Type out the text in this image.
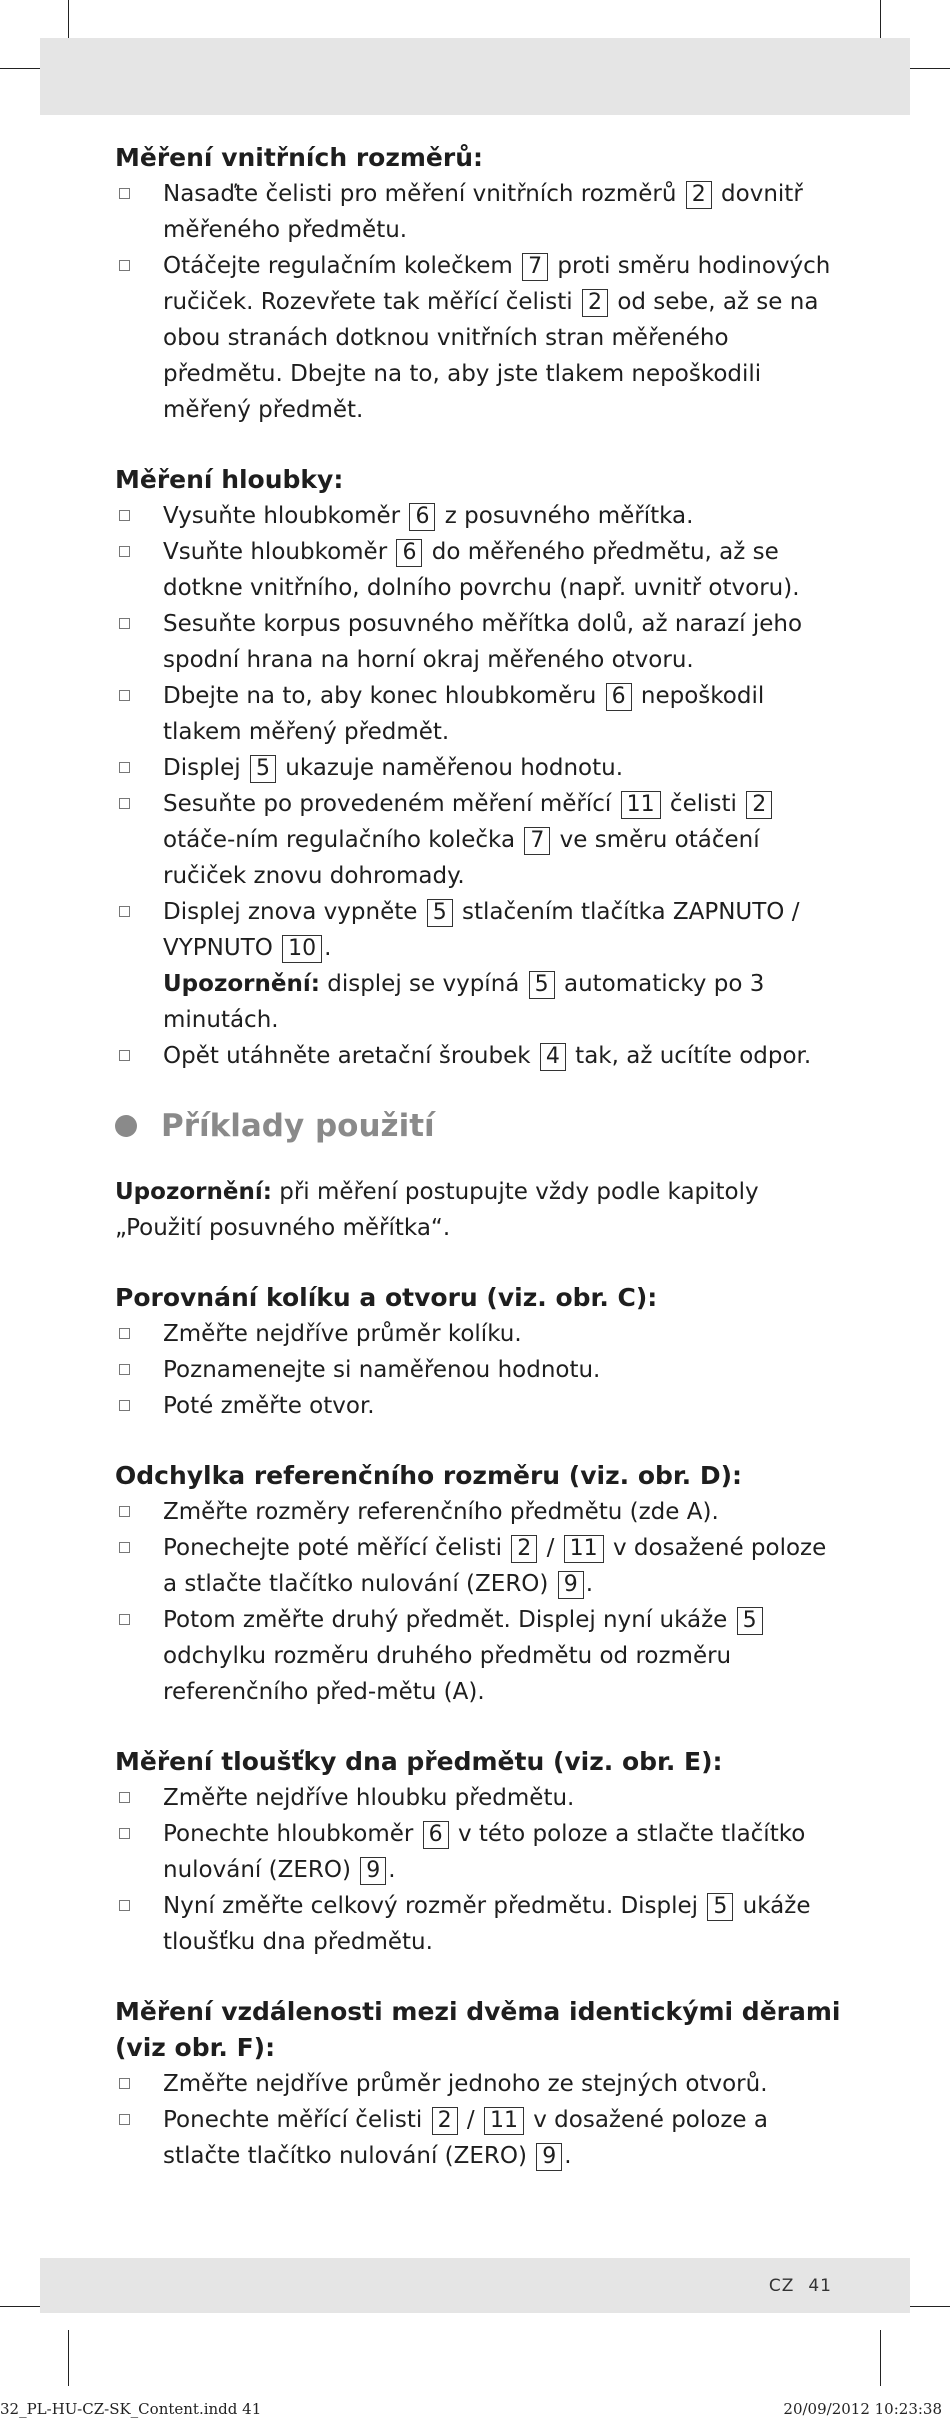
CZ 41
32_PL-HU-CZ-SK_Content.indd 41	20/09/2012 10:23:38
Měření vnitřních rozměrů:
Nasaďte čelisti pro měření vnitřních rozměrů 2 dovnitř měřeného předmětu.
Otáčejte regulačním kolečkem 7 proti směru hodinových ručiček. Rozevřete tak měřící čelisti 2 od sebe, až se na obou stranách dotknou vnitřních stran měřeného předmětu. Dbejte na to, aby jste tlakem nepoškodili měřený předmět.
Měření hloubky:
Vysuňte hloubkoměr 6 z posuvného měřítka.
Vsuňte hloubkoměr 6 do měřeného předmětu, až se dotkne vnitřního, dolního povrchu (např. uvnitř otvoru).
Sesuňte korpus posuvného měřítka dolů, až narazí jeho spodní hrana na horní okraj měřeného otvoru.
Dbejte na to, aby konec hloubkoměru 6 nepoškodil tlakem měřený předmět.
Displej 5 ukazuje naměřenou hodnotu.
Sesuňte po provedeném měření měřící 11 čelisti 2 otáče-ním regulačního kolečka 7 ve směru otáčení ručiček znovu dohromady.
Displej znova vypněte 5 stlačením tlačítka ZAPNUTO / VYPNUTO 10 .
Upozornění: displej se vypíná 5 automaticky po 3 minutách.
Opět utáhněte aretační šroubek 4 tak, až ucítíte odpor.
Příklady použití
Upozornění: při měření postupujte vždy podle kapitoly „Použití posuvného měřítka“.
Porovnání kolíku a otvoru (viz. obr. C):
Změřte nejdříve průměr kolíku.
Poznamenejte si naměřenou hodnotu.
Poté změřte otvor.
Odchylka referenčního rozměru (viz. obr. D):
Změřte rozměry referenčního předmětu (zde A).
Ponechejte poté měřící čelisti 2 / 11 v dosažené poloze a stlačte tlačítko nulování (ZERO) 9 .
Potom změřte druhý předmět. Displej nyní ukáže 5 odchylku rozměru druhého předmětu od rozměru referenčního před-mětu (A).
Měření tloušťky dna předmětu (viz. obr. E):
Změřte nejdříve hloubku předmětu.
Ponechte hloubkoměr 6 v této poloze a stlačte tlačítko nulování (ZERO) 9 .
Nyní změřte celkový rozměr předmětu. Displej 5 ukáže tloušťku dna předmětu.
Měření vzdálenosti mezi dvěma identickými děrami (viz obr. F):
Změřte nejdříve průměr jednoho ze stejných otvorů.
Ponechte měřící čelisti 2 / 11 v dosažené poloze a stlačte tlačítko nulování (ZERO) 9 .
